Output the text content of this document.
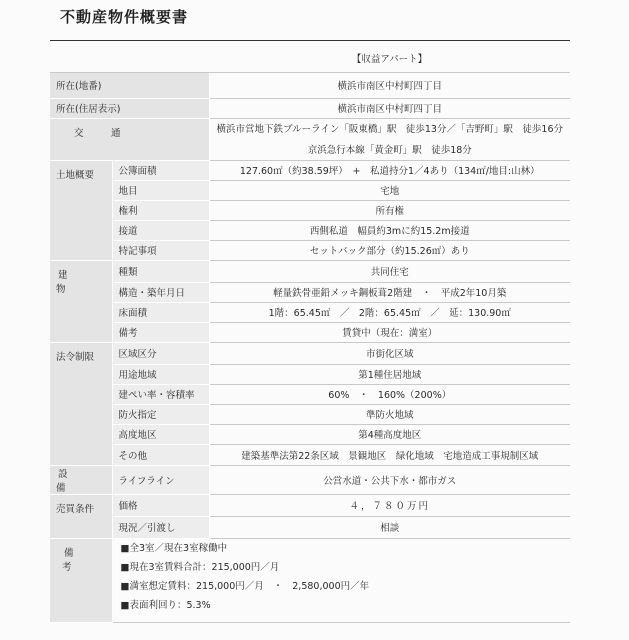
不動産物件概要書
		【収益アパート】
所在(地番)		横浜市南区中村町四丁目
所在(住居表示)		横浜市南区中村町四丁目
交　通		横浜市営地下鉄ブルーライン「阪東橋」駅　徒歩13分／「吉野町」駅　徒歩16分
		京浜急行本線「黄金町」駅　徒歩18分
土地概要	公簿面積	127.60㎡（約38.59坪）　+　私道持分1／4あり（134㎡/地目:山林）
	地目	宅地
	権利	所有権
	接道	西側私道　幅員約3mに約15.2m接道
	特記事項	セットバック部分（約15.26㎡）あり
建　物	種類	共同住宅
	構造・築年月日	軽量鉄骨亜鉛メッキ鋼板葺2階建　・　平成2年10月築
	床面積	1階：65.45㎡　／　2階：65.45㎡　／　延：130.90㎡
	備考	賃貸中（現在：満室）
法令制限	区域区分	市街化区域
	用途地域	第1種住居地域
	建ぺい率・容積率	60%　・　160%（200%）
	防火指定	準防火地域
	高度地区	第4種高度地区
	その他	建築基準法第22条区域　景観地区　緑化地域　宅地造成工事規制区域
設　備	ライフライン	公営水道・公共下水・都市ガス
売買条件	価格	４，７８０万円
	現況／引渡し	相談
備　考	■全3室／現在3室稼働中
■現在3室賃料合計：215,000円／月
■満室想定賃料：215,000円／月　・　2,580,000円／年
■表面利回り：5.3%	
